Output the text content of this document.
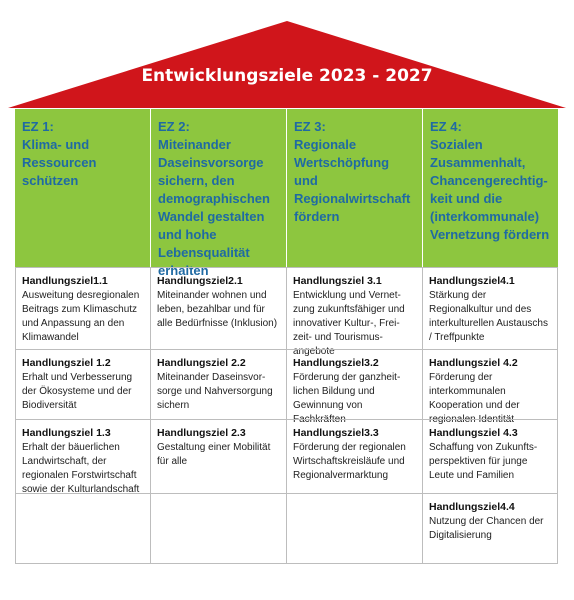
Entwicklungsziele 2023 - 2027
EZ 1:
Klima- und Ressourcen schützen
EZ 2:
Miteinander Daseinsvorsorge sichern, den demographischen Wandel gestalten und hohe Lebensqualität erhalten
EZ 3:
Regionale Wertschöpfung und Regionalwirtschaft fördern
EZ 4:
Sozialen Zusammenhalt, Chancengerechtig-keit und die (interkommunale) Vernetzung fördern
Handlungsziel1.1
Ausweitung desregionalen Beitrags zum Klimaschutz und Anpassung an den Klimawandel
Handlungsziel 1.2
Erhalt und Verbesserung der Ökosysteme und der Biodiversität
Handlungsziel 1.3
Erhalt der bäuerlichen Landwirtschaft, der regionalen Forstwirtschaft sowie der Kulturlandschaft
Handlungsziel2.1
Miteinander wohnen und leben, bezahlbar und für alle Bedürfnisse (Inklusion)
Handlungsziel 2.2
Miteinander Daseinsvor-sorge und Nahversorgung sichern
Handlungsziel 2.3
Gestaltung einer Mobilität für alle
Handlungsziel 3.1
Entwicklung und Vernet-zung zukunftsfähiger und innovativer Kultur-, Frei-zeit- und Tourismus-angebote
Handlungsziel3.2
Förderung der ganzheit-lichen Bildung und Gewinnung von Fachkräften
Handlungsziel3.3
Förderung der regionalen Wirtschaftskreisläufe und Regionalvermarktung
Handlungsziel4.1
Stärkung der Regionalkultur und des interkulturellen Austauschs / Treffpunkte
Handlungsziel 4.2
Förderung der interkommunalen Kooperation und der regionalen Identität
Handlungsziel 4.3
Schaffung von Zukunfts-perspektiven für junge Leute und Familien
Handlungsziel4.4
Nutzung der Chancen der Digitalisierung
